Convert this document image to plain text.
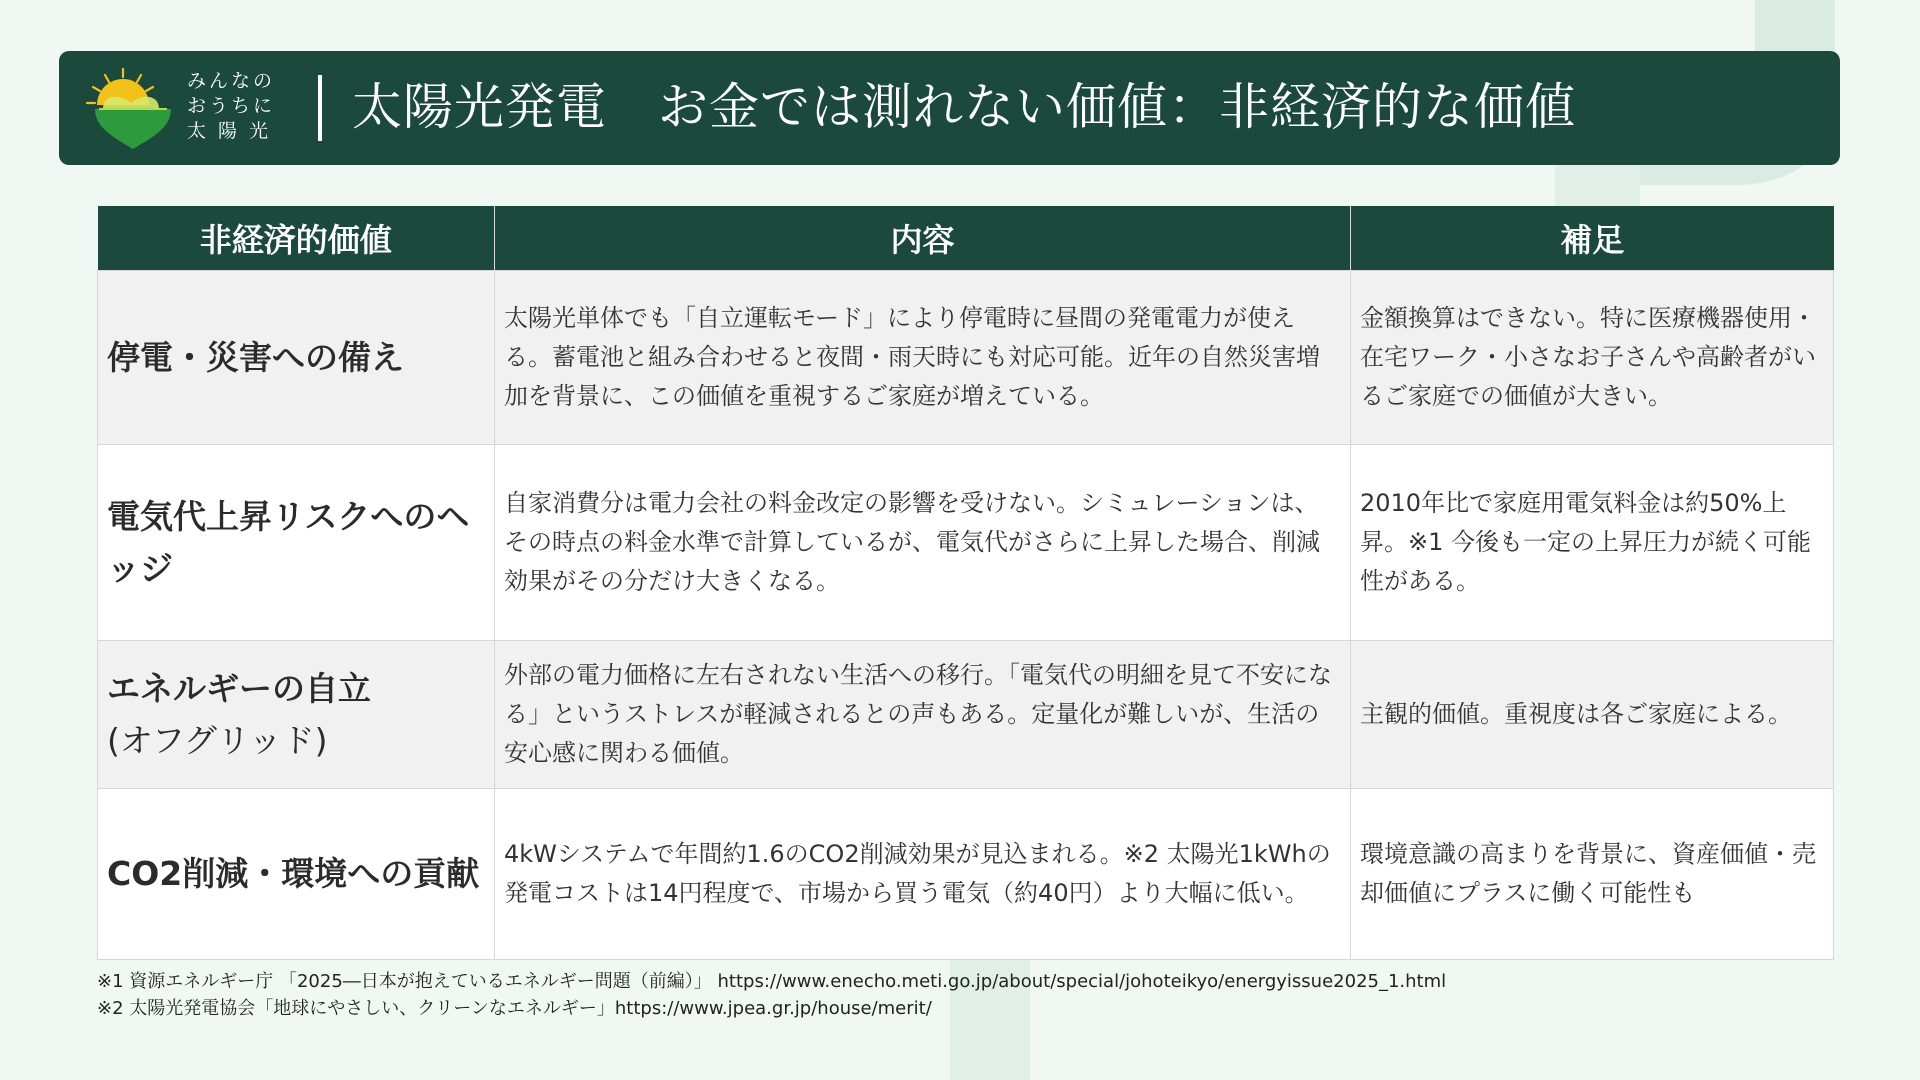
みんなの
おうちに
太 陽 光	太陽光発電　お金では測れない価値：非経済的な価値
非経済的価値	内容	補足

停電・災害への備え	太陽光単体でも「自立運転モード」により停電時に昼間の発電電力が使える。蓄電池と組み合わせると夜間・雨天時にも対応可能。近年の自然災害増加を背景に、この価値を重視するご家庭が増えている。	金額換算はできない。特に医療機器使用・在宅ワーク・小さなお子さんや高齢者がいるご家庭での価値が大きい。

電気代上昇リスクへのヘッジ	自家消費分は電力会社の料金改定の影響を受けない。シミュレーションは、その時点の料金水準で計算しているが、電気代がさらに上昇した場合、削減効果がその分だけ大きくなる。	2010年比で家庭用電気料金は約50%上昇。※1 今後も一定の上昇圧力が続く可能性がある。

エネルギーの自立
(オフグリッド)	外部の電力価格に左右されない生活への移行。「電気代の明細を見て不安になる」というストレスが軽減されるとの声もある。定量化が難しいが、生活の安心感に関わる価値。	主観的価値。重視度は各ご家庭による。

CO2削減・環境への貢献	4kWシステムで年間約1.6のCO2削減効果が見込まれる。※2 太陽光1kWhの発電コストは14円程度で、市場から買う電気（約40円）より大幅に低い。	環境意識の高まりを背景に、資産価値・売却価値にプラスに働く可能性も
※1 資源エネルギー庁 「2025―日本が抱えているエネルギー問題（前編）」 https://www.enecho.meti.go.jp/about/special/johoteikyo/energyissue2025_1.html
※2 太陽光発電協会「地球にやさしい、クリーンなエネルギー」https://www.jpea.gr.jp/house/merit/
